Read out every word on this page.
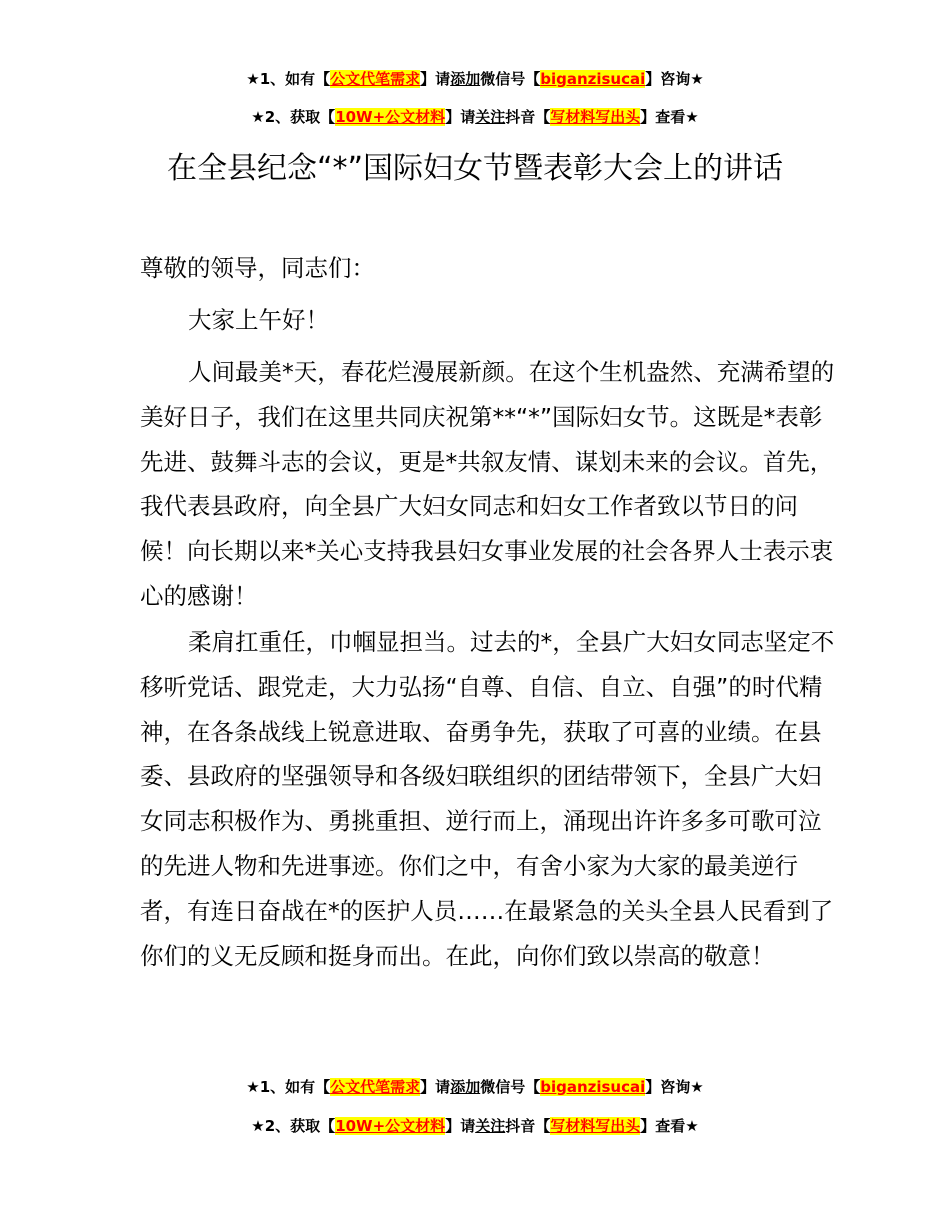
★1、如有【公文代笔需求】请添加微信号【biganzisucai】咨询★
★2、获取【10W+公文材料】请关注抖音【写材料写出头】查看★
在全县纪念“*”国际妇女节暨表彰大会上的讲话

尊敬的领导，同志们：

大家上午好！

人间最美*天，春花烂漫展新颜。在这个生机盎然、充满希望的美好日子，我们在这里共同庆祝第**“*”国际妇女节。这既是*表彰先进、鼓舞斗志的会议，更是*共叙友情、谋划未来的会议。首先，我代表县政府，向全县广大妇女同志和妇女工作者致以节日的问候！向长期以来*关心支持我县妇女事业发展的社会各界人士表示衷心的感谢！

柔肩扛重任，巾帼显担当。过去的*，全县广大妇女同志坚定不移听党话、跟党走，大力弘扬“自尊、自信、自立、自强”的时代精神，在各条战线上锐意进取、奋勇争先，获取了可喜的业绩。在县委、县政府的坚强领导和各级妇联组织的团结带领下，全县广大妇女同志积极作为、勇挑重担、逆行而上，涌现出许许多多可歌可泣的先进人物和先进事迹。你们之中，有舍小家为大家的最美逆行者，有连日奋战在*的医护人员……在最紧急的关头全县人民看到了你们的义无反顾和挺身而出。在此，向你们致以崇高的敬意！

★1、如有【公文代笔需求】请添加微信号【biganzisucai】咨询★
★2、获取【10W+公文材料】请关注抖音【写材料写出头】查看★
